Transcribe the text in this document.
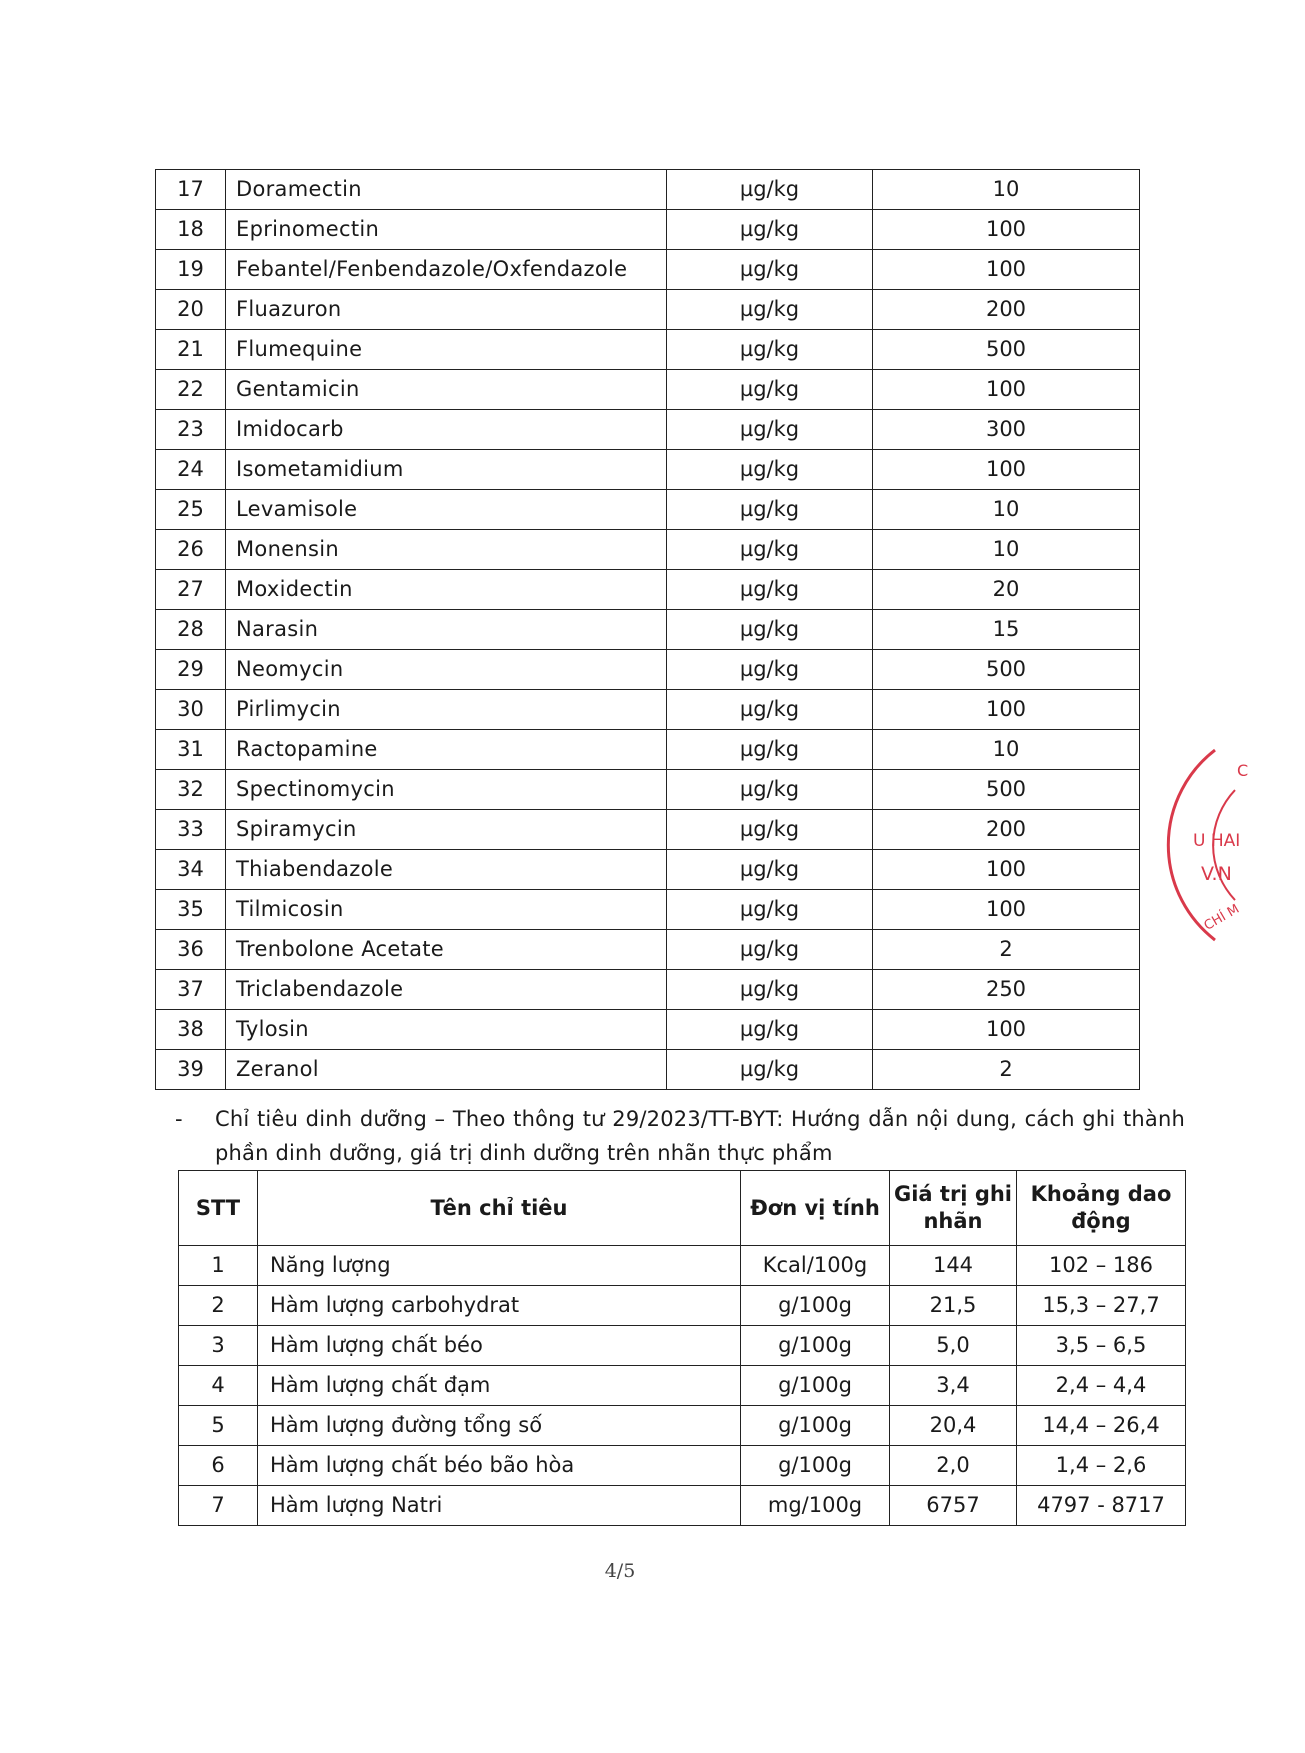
17	Doramectin	µg/kg	10
18	Eprinomectin	µg/kg	100
19	Febantel/Fenbendazole/Oxfendazole	µg/kg	100
20	Fluazuron	µg/kg	200
21	Flumequine	µg/kg	500
22	Gentamicin	µg/kg	100
23	Imidocarb	µg/kg	300
24	Isometamidium	µg/kg	100
25	Levamisole	µg/kg	10
26	Monensin	µg/kg	10
27	Moxidectin	µg/kg	20
28	Narasin	µg/kg	15
29	Neomycin	µg/kg	500
30	Pirlimycin	µg/kg	100
31	Ractopamine	µg/kg	10
32	Spectinomycin	µg/kg	500
33	Spiramycin	µg/kg	200
34	Thiabendazole	µg/kg	100
35	Tilmicosin	µg/kg	100
36	Trenbolone Acetate	µg/kg	2
37	Triclabendazole	µg/kg	250
38	Tylosin	µg/kg	100
39	Zeranol	µg/kg	2
- Chỉ tiêu dinh dưỡng – Theo thông tư 29/2023/TT-BYT: Hướng dẫn nội dung, cách ghi thành phần dinh dưỡng, giá trị dinh dưỡng trên nhãn thực phẩm
STT	Tên chỉ tiêu	Đơn vị tính	Giá trị ghi nhãn	Khoảng dao động
1	Năng lượng	Kcal/100g	144	102 – 186
2	Hàm lượng carbohydrat	g/100g	21,5	15,3 – 27,7
3	Hàm lượng chất béo	g/100g	5,0	3,5 – 6,5
4	Hàm lượng chất đạm	g/100g	3,4	2,4 – 4,4
5	Hàm lượng đường tổng số	g/100g	20,4	14,4 – 26,4
6	Hàm lượng chất béo bão hòa	g/100g	2,0	1,4 – 2,6
7	Hàm lượng Natri	mg/100g	6757	4797 - 8717
4/5
C
U HAI
V.N
CHÍ M
